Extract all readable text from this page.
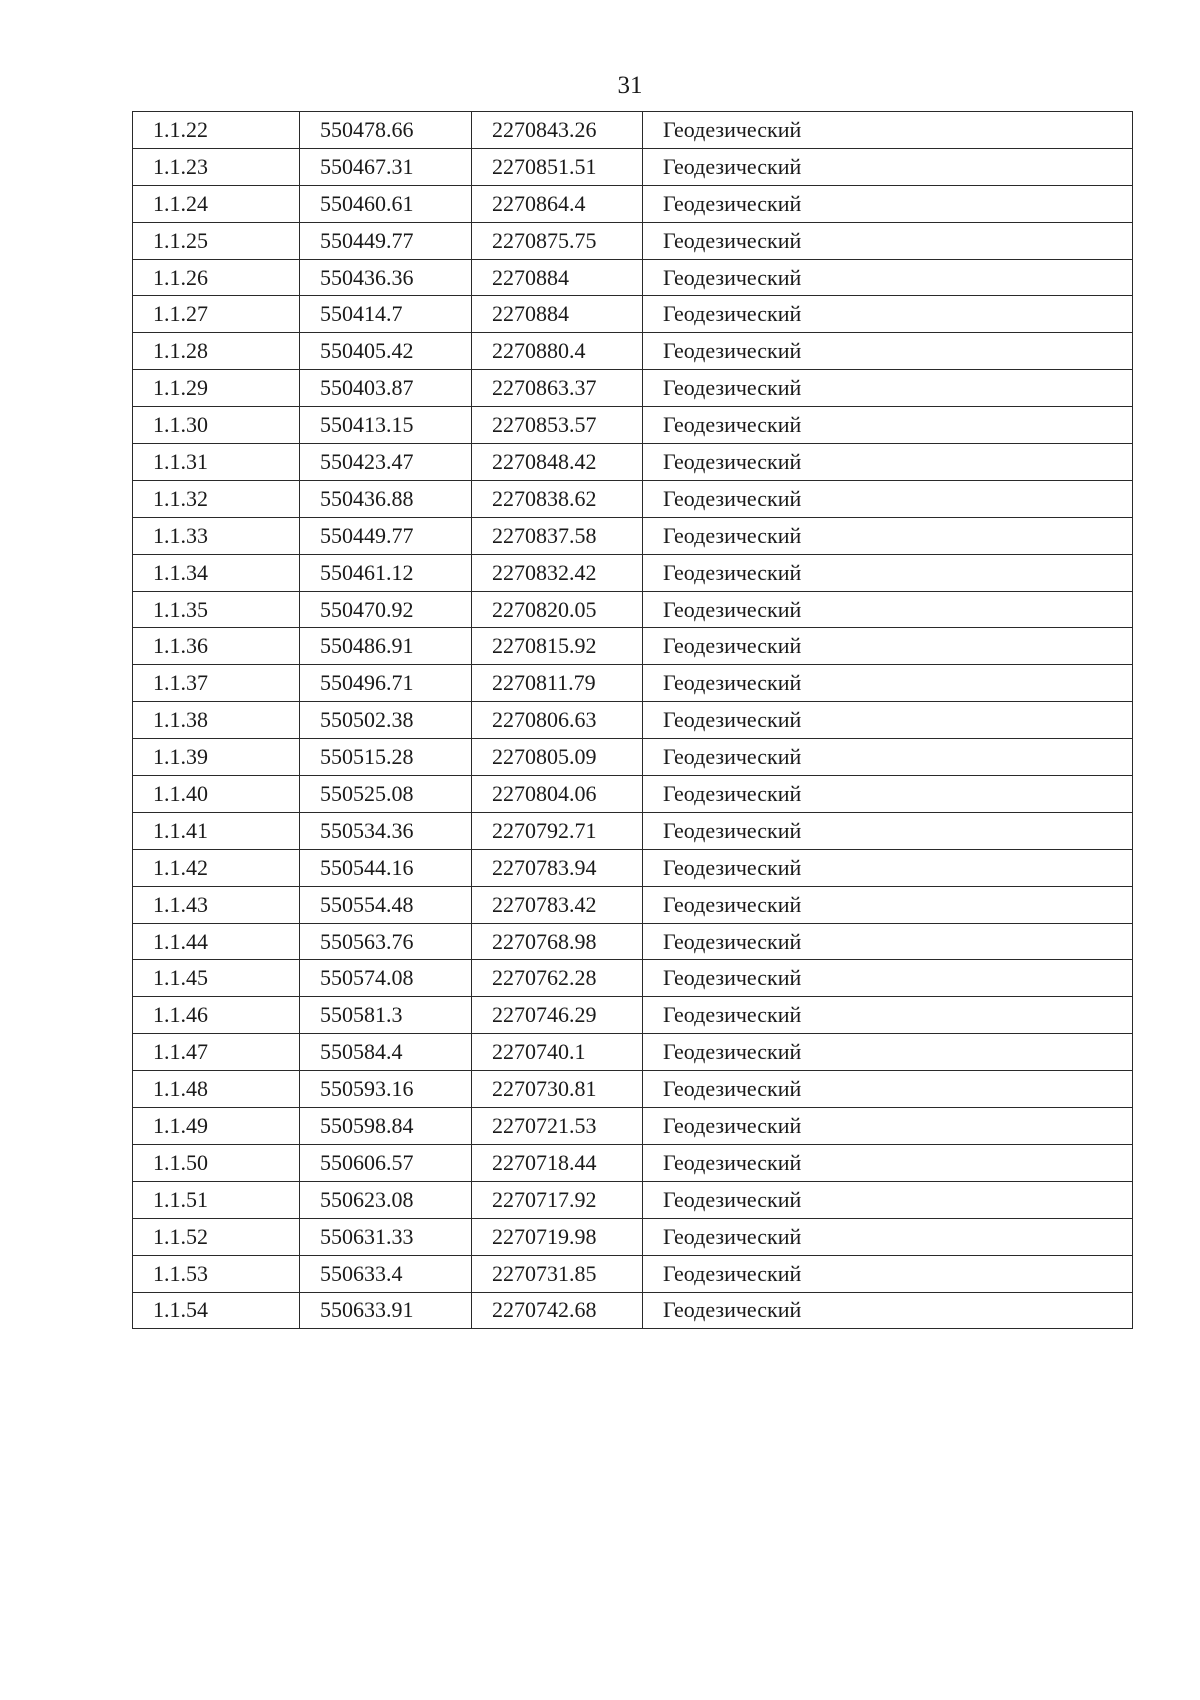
31
1.1.22	550478.66	2270843.26	Геодезический
1.1.23	550467.31	2270851.51	Геодезический
1.1.24	550460.61	2270864.4	Геодезический
1.1.25	550449.77	2270875.75	Геодезический
1.1.26	550436.36	2270884	Геодезический
1.1.27	550414.7	2270884	Геодезический
1.1.28	550405.42	2270880.4	Геодезический
1.1.29	550403.87	2270863.37	Геодезический
1.1.30	550413.15	2270853.57	Геодезический
1.1.31	550423.47	2270848.42	Геодезический
1.1.32	550436.88	2270838.62	Геодезический
1.1.33	550449.77	2270837.58	Геодезический
1.1.34	550461.12	2270832.42	Геодезический
1.1.35	550470.92	2270820.05	Геодезический
1.1.36	550486.91	2270815.92	Геодезический
1.1.37	550496.71	2270811.79	Геодезический
1.1.38	550502.38	2270806.63	Геодезический
1.1.39	550515.28	2270805.09	Геодезический
1.1.40	550525.08	2270804.06	Геодезический
1.1.41	550534.36	2270792.71	Геодезический
1.1.42	550544.16	2270783.94	Геодезический
1.1.43	550554.48	2270783.42	Геодезический
1.1.44	550563.76	2270768.98	Геодезический
1.1.45	550574.08	2270762.28	Геодезический
1.1.46	550581.3	2270746.29	Геодезический
1.1.47	550584.4	2270740.1	Геодезический
1.1.48	550593.16	2270730.81	Геодезический
1.1.49	550598.84	2270721.53	Геодезический
1.1.50	550606.57	2270718.44	Геодезический
1.1.51	550623.08	2270717.92	Геодезический
1.1.52	550631.33	2270719.98	Геодезический
1.1.53	550633.4	2270731.85	Геодезический
1.1.54	550633.91	2270742.68	Геодезический
